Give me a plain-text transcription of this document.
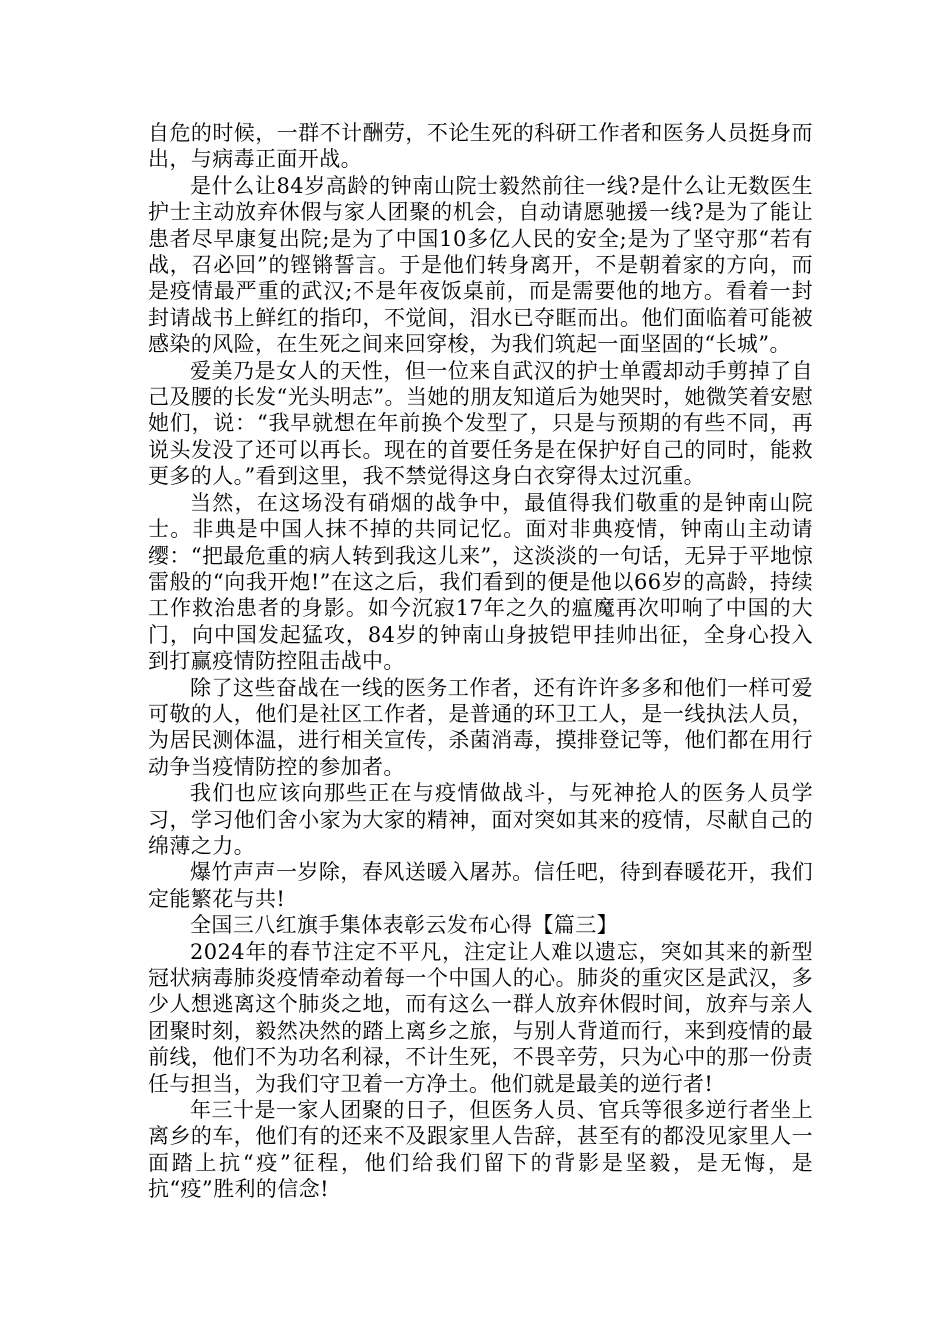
自危的时候，一群不计酬劳，不论生死的科研工作者和医务人员挺身而出，与病毒正面开战。

是什么让84岁高龄的钟南山院士毅然前往一线?是什么让无数医生护士主动放弃休假与家人团聚的机会，自动请愿驰援一线?是为了能让患者尽早康复出院;是为了中国10多亿人民的安全;是为了坚守那“若有战，召必回”的铿锵誓言。于是他们转身离开，不是朝着家的方向，而是疫情最严重的武汉;不是年夜饭桌前，而是需要他的地方。看着一封封请战书上鲜红的指印，不觉间，泪水已夺眶而出。他们面临着可能被感染的风险，在生死之间来回穿梭，为我们筑起一面坚固的“长城”。

爱美乃是女人的天性，但一位来自武汉的护士单霞却动手剪掉了自己及腰的长发“光头明志”。当她的朋友知道后为她哭时，她微笑着安慰她们，说：“我早就想在年前换个发型了，只是与预期的有些不同，再说头发没了还可以再长。现在的首要任务是在保护好自己的同时，能救更多的人。”看到这里，我不禁觉得这身白衣穿得太过沉重。

当然，在这场没有硝烟的战争中，最值得我们敬重的是钟南山院士。非典是中国人抹不掉的共同记忆。面对非典疫情，钟南山主动请缨：“把最危重的病人转到我这儿来”，这淡淡的一句话，无异于平地惊雷般的“向我开炮!”在这之后，我们看到的便是他以66岁的高龄，持续工作救治患者的身影。如今沉寂17年之久的瘟魔再次叩响了中国的大门，向中国发起猛攻，84岁的钟南山身披铠甲挂帅出征，全身心投入到打赢疫情防控阻击战中。

除了这些奋战在一线的医务工作者，还有许许多多和他们一样可爱可敬的人，他们是社区工作者，是普通的环卫工人，是一线执法人员，为居民测体温，进行相关宣传，杀菌消毒，摸排登记等，他们都在用行动争当疫情防控的参加者。

我们也应该向那些正在与疫情做战斗，与死神抢人的医务人员学习，学习他们舍小家为大家的精神，面对突如其来的疫情，尽献自己的绵薄之力。

爆竹声声一岁除，春风送暖入屠苏。信任吧，待到春暖花开，我们定能繁花与共!

全国三八红旗手集体表彰云发布心得【篇三】

2024年的春节注定不平凡，注定让人难以遗忘，突如其来的新型冠状病毒肺炎疫情牵动着每一个中国人的心。肺炎的重灾区是武汉，多少人想逃离这个肺炎之地，而有这么一群人放弃休假时间，放弃与亲人团聚时刻，毅然决然的踏上离乡之旅，与别人背道而行，来到疫情的最前线，他们不为功名利禄，不计生死，不畏辛劳，只为心中的那一份责任与担当，为我们守卫着一方净土。他们就是最美的逆行者!

年三十是一家人团聚的日子，但医务人员、官兵等很多逆行者坐上离乡的车，他们有的还来不及跟家里人告辞，甚至有的都没见家里人一面踏上抗“疫”征程，他们给我们留下的背影是坚毅，是无悔，是抗“疫”胜利的信念!
